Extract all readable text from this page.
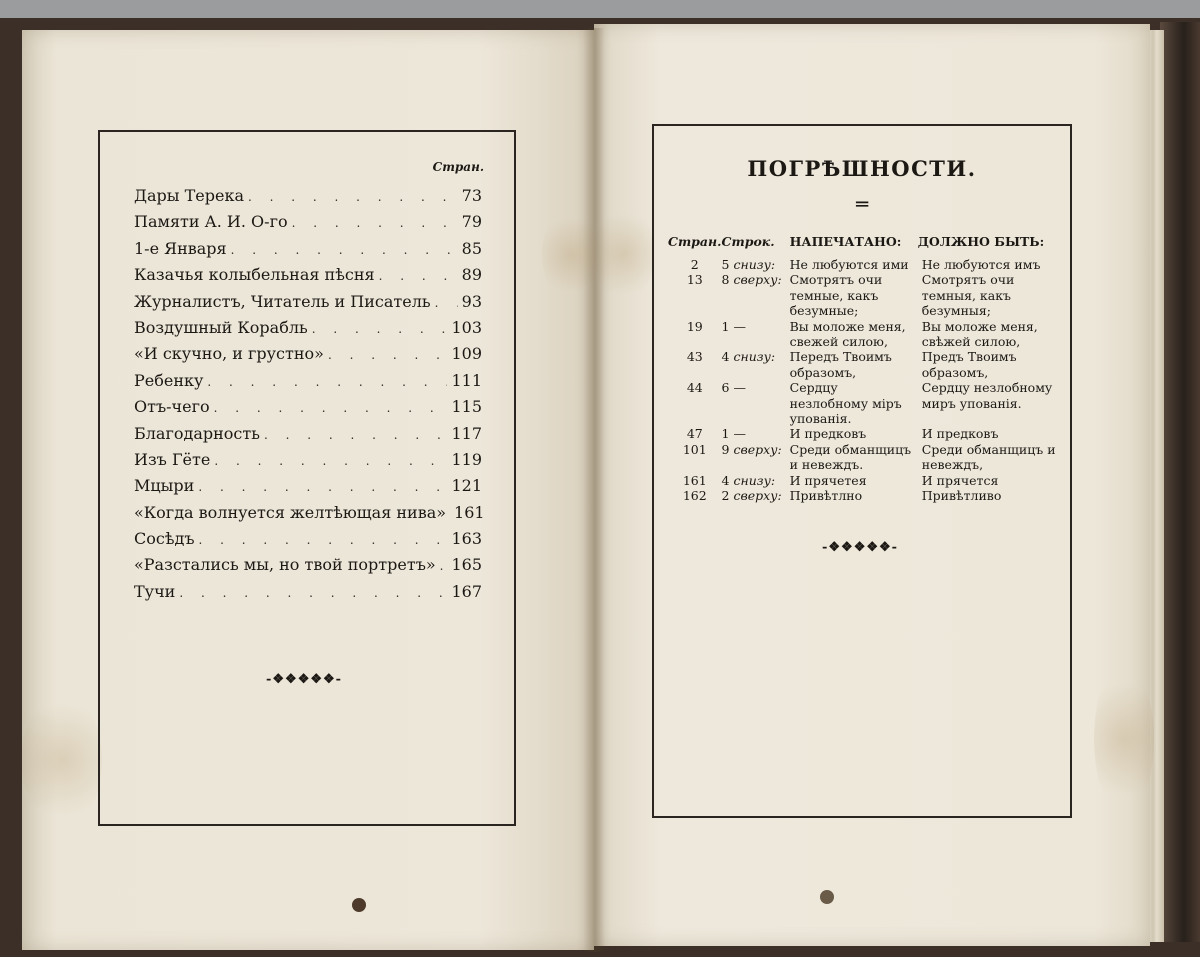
Стран.
Дары Терека . . .	73
Памяти А. И. О-го . . .	79
1-е Января . . .	85
Казачья колыбельная пѣсня . . .	89
Журналистъ, Читатель и Писатель . . . 93
Воздушный Корабль . . .	103
«И скучно, и грустно» . . .	109
Ребенку . . .	111
Отъ-чего . . .	115
Благодарность . . .	117
Изъ Гёте . . .	119
Мцыри . . .	121
«Когда волнуется желтѣющая нива» 161
Сосѣдъ . . .	163
«Разстались мы, но твой портретъ» . . . 165
Тучи . . .	167
-❖❖❖❖❖-
ПОГРѢШНОСТИ.
═
Стран.	Строк.	НАПЕЧАТАНО:	ДОЛЖНО БЫТЬ:
2	5 снизу:	Не любуются ими	Не любуются имъ
13	8 сверху:	Смотрятъ очи темные, какъ безумные;	Смотрятъ очи темныя, какъ безумныя;
19	1 —	Вы моложе меня, свежей силою,	Вы моложе меня, свѣжей силою,
43	4 снизу:	Передъ Твоимъ образомъ,	Предъ Твоимъ образомъ,
44	6 —	Сердцу незлобному міръ упованія.	Сердцу незлобному миръ упованія.
47	1 —	И предковъ	И предковъ
101	9 сверху:	Среди обманщицъ и невеждъ.	Среди обманщицъ и невеждъ,
161	4 снизу:	И прячетея	И прячется
162	2 сверху:	Привѣтлно	Привѣтливо
-❖❖❖❖❖-
